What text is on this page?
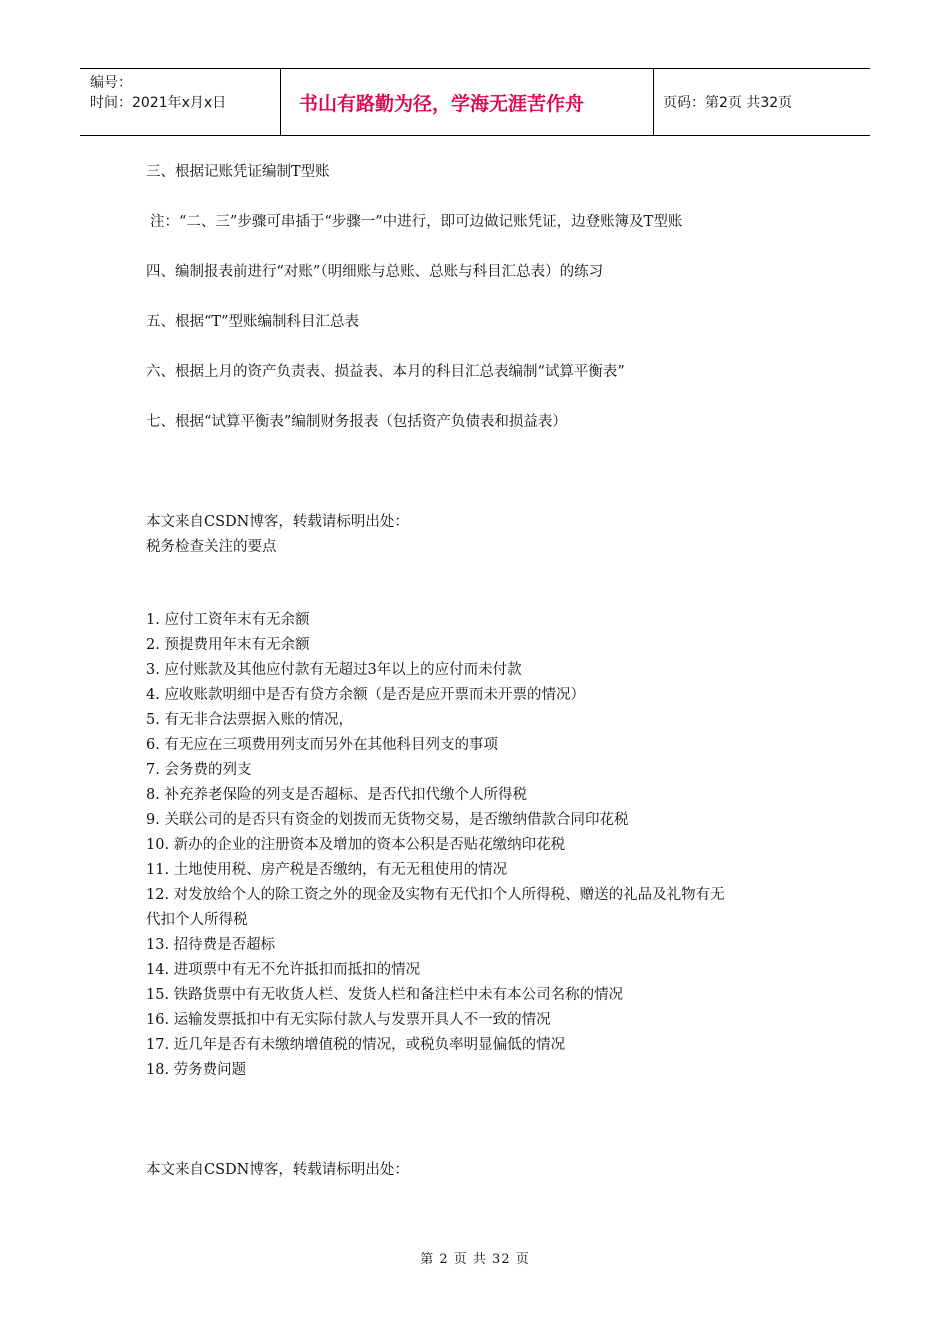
编号：
时间：2021年x月x日	书山有路勤为径，学海无涯苦作舟	页码：第2页 共32页
三、根据记账凭证编制T型账
注：“二、三”步骤可串插于“步骤一”中进行，即可边做记账凭证，边登账簿及T型账
四、编制报表前进行“对账”（明细账与总账、总账与科目汇总表）的练习
五、根据“T”型账编制科目汇总表
六、根据上月的资产负责表、损益表、本月的科目汇总表编制“试算平衡表”
七、根据“试算平衡表”编制财务报表（包括资产负债表和损益表）
本文来自CSDN博客，转载请标明出处：
税务检查关注的要点
1. 应付工资年末有无余额
2. 预提费用年末有无余额
3. 应付账款及其他应付款有无超过3年以上的应付而未付款
4. 应收账款明细中是否有贷方余额（是否是应开票而未开票的情况）
5. 有无非合法票据入账的情况，
6. 有无应在三项费用列支而另外在其他科目列支的事项
7. 会务费的列支
8. 补充养老保险的列支是否超标、是否代扣代缴个人所得税
9. 关联公司的是否只有资金的划拨而无货物交易，是否缴纳借款合同印花税
10. 新办的企业的注册资本及增加的资本公积是否贴花缴纳印花税
11. 土地使用税、房产税是否缴纳，有无无租使用的情况
12. 对发放给个人的除工资之外的现金及实物有无代扣个人所得税、赠送的礼品及礼物有无
代扣个人所得税
13. 招待费是否超标
14. 进项票中有无不允许抵扣而抵扣的情况
15. 铁路货票中有无收货人栏、发货人栏和备注栏中未有本公司名称的情况
16. 运输发票抵扣中有无实际付款人与发票开具人不一致的情况
17. 近几年是否有未缴纳增值税的情况，或税负率明显偏低的情况
18. 劳务费问题
本文来自CSDN博客，转载请标明出处：
第 2 页 共 32 页
